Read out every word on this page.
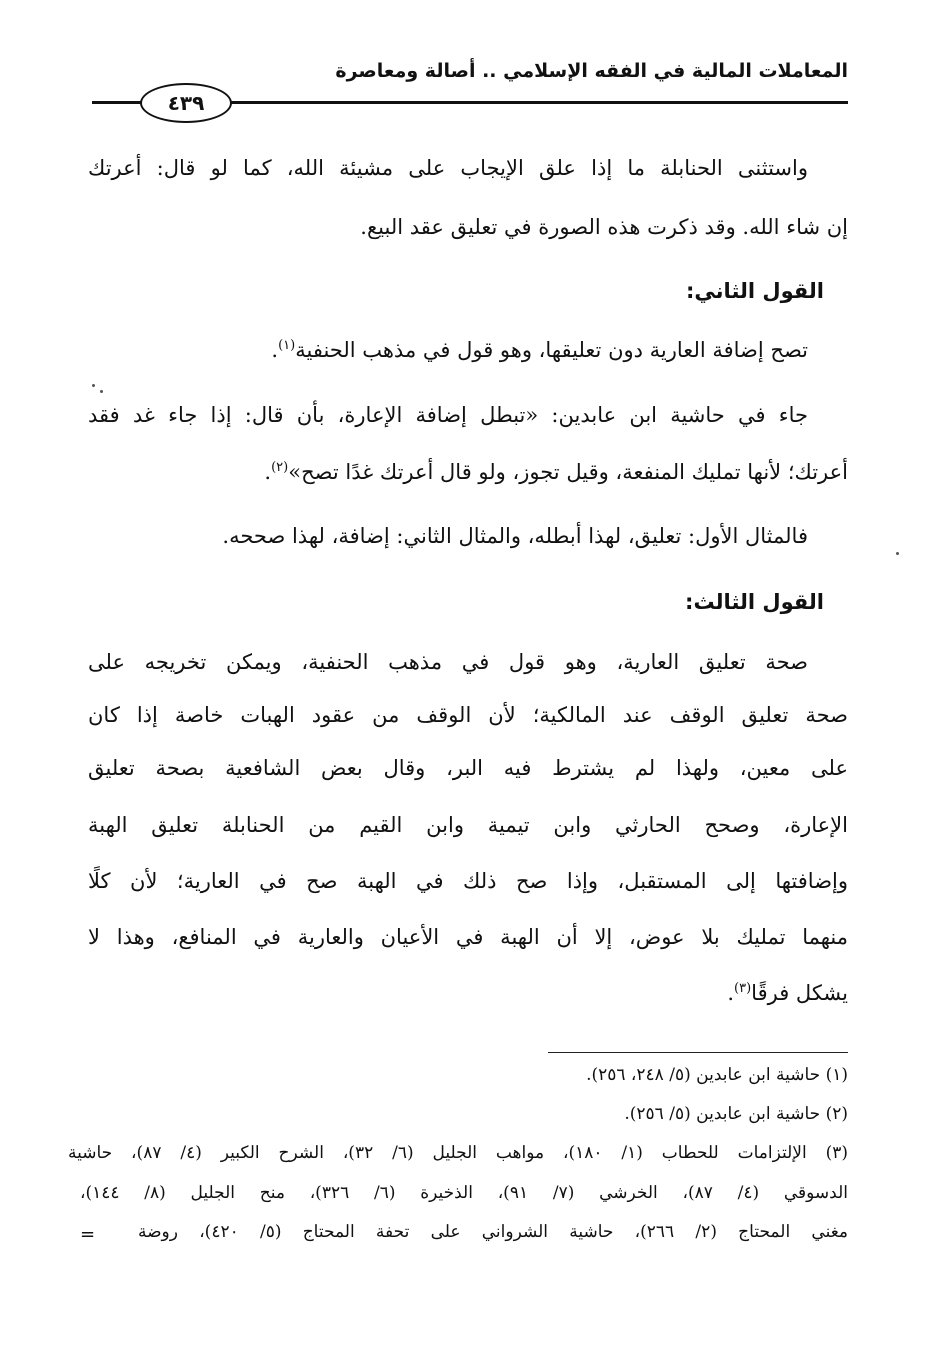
المعاملات المالية في الفقه الإسلامي .. أصالة ومعاصرة
٤٣٩
واستثنى الحنابلة ما إذا علق الإيجاب على مشيئة الله، كما لو قال: أعرتك
إن شاء الله. وقد ذكرت هذه الصورة في تعليق عقد البيع.
القول الثاني:
تصح إضافة العارية دون تعليقها، وهو قول في مذهب الحنفية$^{(١)}$.
جاء في حاشية ابن عابدين: «تبطل إضافة الإعارة، بأن قال: إذا جاء غد فقد
أعرتك؛ لأنها تمليك المنفعة، وقيل تجوز، ولو قال أعرتك غدًا تصح»$^{(٢)}$.
فالمثال الأول: تعليق، لهذا أبطله، والمثال الثاني: إضافة، لهذا صححه.
القول الثالث:
صحة تعليق العارية، وهو قول في مذهب الحنفية، ويمكن تخريجه على
صحة تعليق الوقف عند المالكية؛ لأن الوقف من عقود الهبات خاصة إذا كان
على معين، ولهذا لم يشترط فيه البر، وقال بعض الشافعية بصحة تعليق
الإعارة، وصحح الحارثي وابن تيمية وابن القيم من الحنابلة تعليق الهبة
وإضافتها إلى المستقبل، وإذا صح ذلك في الهبة صح في العارية؛ لأن كلًا
منهما تمليك بلا عوض، إلا أن الهبة في الأعيان والعارية في المنافع، وهذا لا
يشكل فرقًا$^{(٣)}$.
(١) حاشية ابن عابدين (٥/ ٢٤٨، ٢٥٦).
(٢) حاشية ابن عابدين (٥/ ٢٥٦).
(٣) الإلتزامات للحطاب (١/ ١٨٠)، مواهب الجليل (٦/ ٣٢)، الشرح الكبير (٤/ ٨٧)، حاشية
الدسوقي (٤/ ٨٧)، الخرشي (٧/ ٩١)، الذخيرة (٦/ ٣٢٦)، منح الجليل (٨/ ١٤٤)،
مغني المحتاج (٢/ ٢٦٦)، حاشية الشرواني على تحفة المحتاج (٥/ ٤٢٠)، روضة
=
